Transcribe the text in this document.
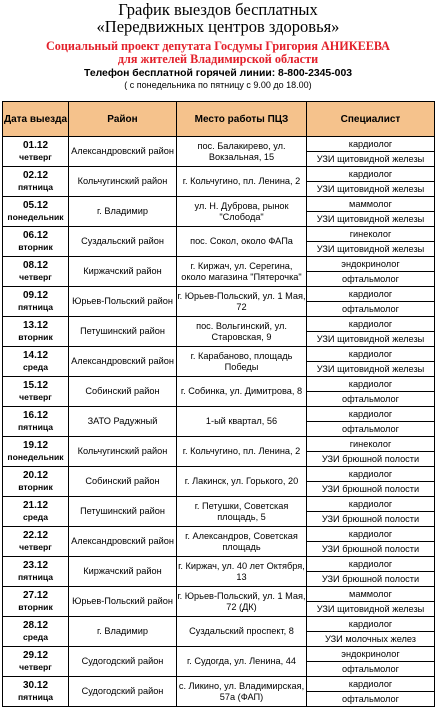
График выездов бесплатных
«Передвижных центров здоровья»
Социальный проект депутата Госдумы Григория АНИКЕЕВА
для жителей Владимирской области
Телефон бесплатной горячей линии: 8-800-2345-003
( с понедельника по пятницу с 9.00 до 18.00)
Дата выезда	Район	Место работы ПЦЗ	Специалист

01.12
четверг	Александровский район	пос. Балакирево, ул. Вокзальная, 15	кардиолог
			УЗИ щитовидной железы

02.12
пятница	Кольчугинский район	г. Кольчугино, пл. Ленина, 2	кардиолог
			УЗИ щитовидной железы

05.12
понедельник	г. Владимир	ул. Н. Дуброва, рынок "Слобода"	маммолог
			УЗИ щитовидной железы

06.12
вторник	Суздальский район	пос. Сокол, около ФАПа	гинеколог
			УЗИ щитовидной железы

08.12
четверг	Киржачский район	г. Киржач, ул. Серегина, около магазина "Пятерочка"	эндокринолог
			офтальмолог

09.12
пятница	Юрьев-Польский район	г. Юрьев-Польский, ул. 1 Мая, 72	кардиолог
			офтальмолог

13.12
вторник	Петушинский район	пос. Вольгинский, ул. Старовская, 9	кардиолог
			УЗИ щитовидной железы

14.12
среда	Александровский район	г. Карабаново, площадь Победы	кардиолог
			УЗИ щитовидной железы

15.12
четверг	Собинский район	г. Собинка, ул. Димитрова, 8	кардиолог
			офтальмолог

16.12
пятница	ЗАТО Радужный	1-ый квартал, 56	кардиолог
			офтальмолог

19.12
понедельник	Кольчугинский район	г. Кольчугино, пл. Ленина, 2	гинеколог
			УЗИ брюшной полости

20.12
вторник	Собинский район	г. Лакинск, ул. Горького, 20	кардиолог
			УЗИ брюшной полости

21.12
среда	Петушинский район	г. Петушки, Советская площадь, 5	кардиолог
			УЗИ брюшной полости

22.12
четверг	Александровский район	г. Александров, Советская площадь	кардиолог
			УЗИ брюшной полости

23.12
пятница	Киржачский район	г. Киржач, ул. 40 лет Октября, 13	кардиолог
			УЗИ брюшной полости

27.12
вторник	Юрьев-Польский район	г. Юрьев-Польский, ул. 1 Мая, 72 (ДК)	маммолог
			УЗИ щитовидной железы

28.12
среда	г. Владимир	Суздальский проспект, 8	кардиолог
			УЗИ молочных желез

29.12
четверг	Судогодский район	г. Судогда, ул. Ленина, 44	эндокринолог
			офтальмолог

30.12
пятница	Судогодский район	с. Ликино, ул. Владимирская, 57а (ФАП)	кардиолог
			офтальмолог
